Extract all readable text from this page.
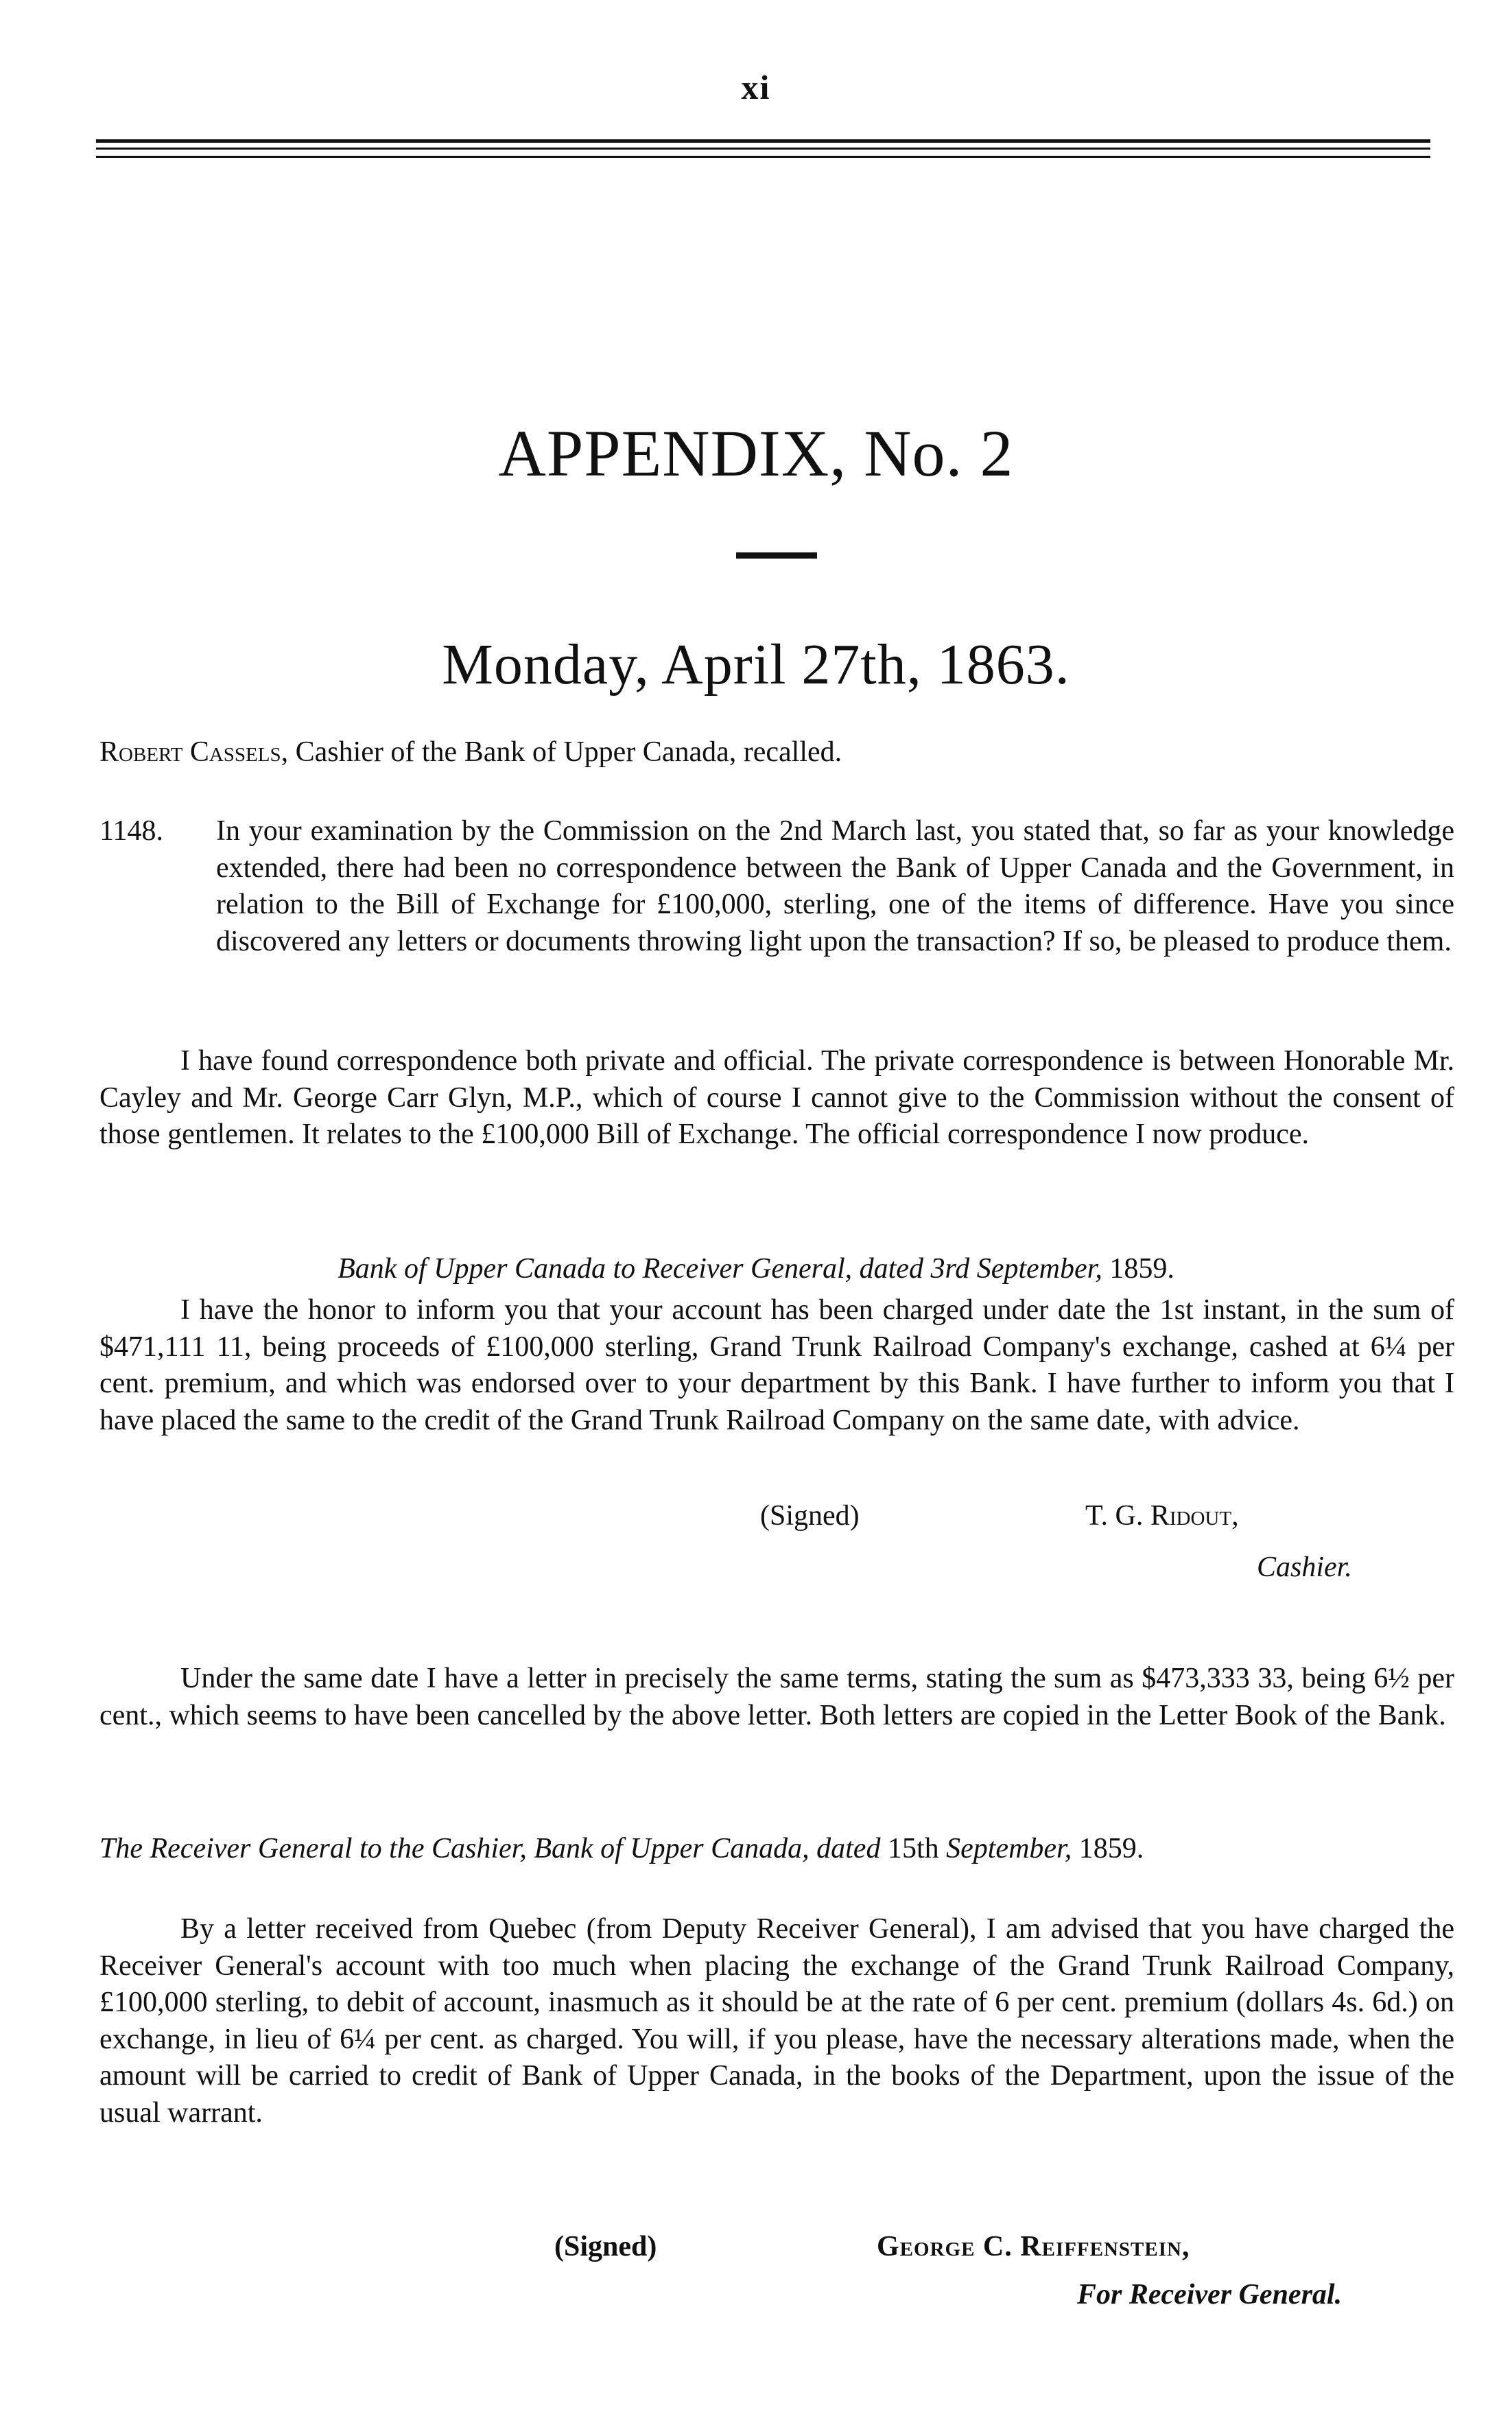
xi
APPENDIX, No. 2
Monday, April 27th, 1863.
Robert Cassels, Cashier of the Bank of Upper Canada, recalled.
1148. In your examination by the Commission on the 2nd March last, you stated that, so far as your knowledge extended, there had been no correspondence between the Bank of Upper Canada and the Government, in relation to the Bill of Exchange for £100,000, sterling, one of the items of difference. Have you since discovered any letters or documents throwing light upon the transaction? If so, be pleased to produce them.
I have found correspondence both private and official. The private correspondence is between Honorable Mr. Cayley and Mr. George Carr Glyn, M.P., which of course I cannot give to the Commission without the consent of those gentlemen. It relates to the £100,000 Bill of Exchange. The official correspondence I now produce.
Bank of Upper Canada to Receiver General, dated 3rd September, 1859.
I have the honor to inform you that your account has been charged under date the 1st instant, in the sum of $471,111 11, being proceeds of £100,000 sterling, Grand Trunk Railroad Company's exchange, cashed at 6¼ per cent. premium, and which was endorsed over to your department by this Bank. I have further to inform you that I have placed the same to the credit of the Grand Trunk Railroad Company on the same date, with advice.
(Signed)	T. G. Ridout,
Cashier.
Under the same date I have a letter in precisely the same terms, stating the sum as $473,333 33, being 6½ per cent., which seems to have been cancelled by the above letter. Both letters are copied in the Letter Book of the Bank.
The Receiver General to the Cashier, Bank of Upper Canada, dated 15th September, 1859.
By a letter received from Quebec (from Deputy Receiver General), I am advised that you have charged the Receiver General's account with too much when placing the exchange of the Grand Trunk Railroad Company, £100,000 sterling, to debit of account, inasmuch as it should be at the rate of 6 per cent. premium (dollars 4s. 6d.) on exchange, in lieu of 6¼ per cent. as charged. You will, if you please, have the necessary alterations made, when the amount will be carried to credit of Bank of Upper Canada, in the books of the Department, upon the issue of the usual warrant.
(Signed)	George C. Reiffenstein,
For Receiver General.
